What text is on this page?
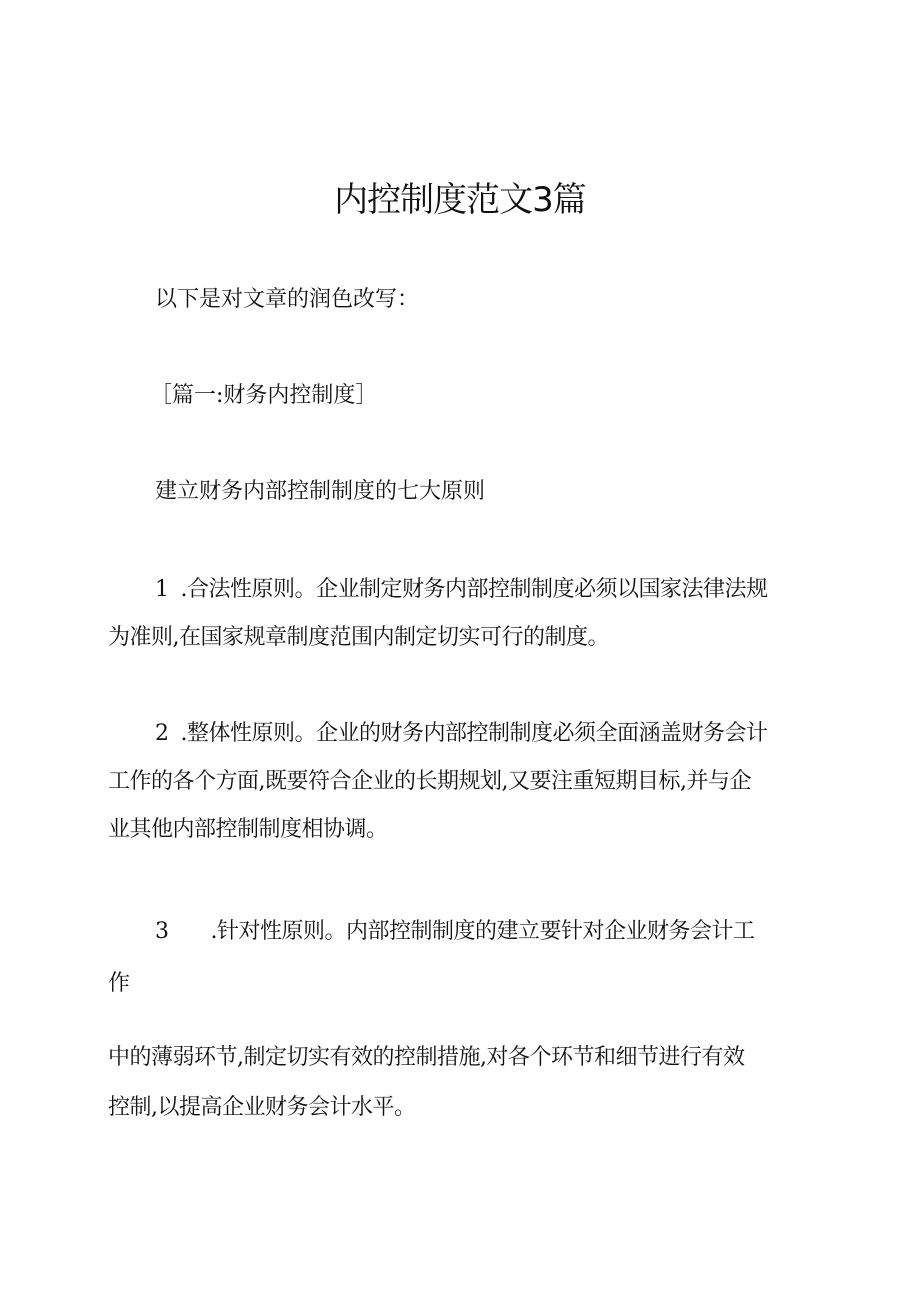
内控制度范文3篇
以下是对文章的润色改写：
［篇一:财务内控制度］
建立财务内部控制制度的七大原则
1 .合法性原则。企业制定财务内部控制制度必须以国家法律法规
为准则,在国家规章制度范围内制定切实可行的制度。
2 .整体性原则。企业的财务内部控制制度必须全面涵盖财务会计
工作的各个方面,既要符合企业的长期规划,又要注重短期目标,并与企
业其他内部控制制度相协调。
3 .针对性原则。内部控制制度的建立要针对企业财务会计工
作
中的薄弱环节,制定切实有效的控制措施,对各个环节和细节进行有效
控制,以提高企业财务会计水平。
